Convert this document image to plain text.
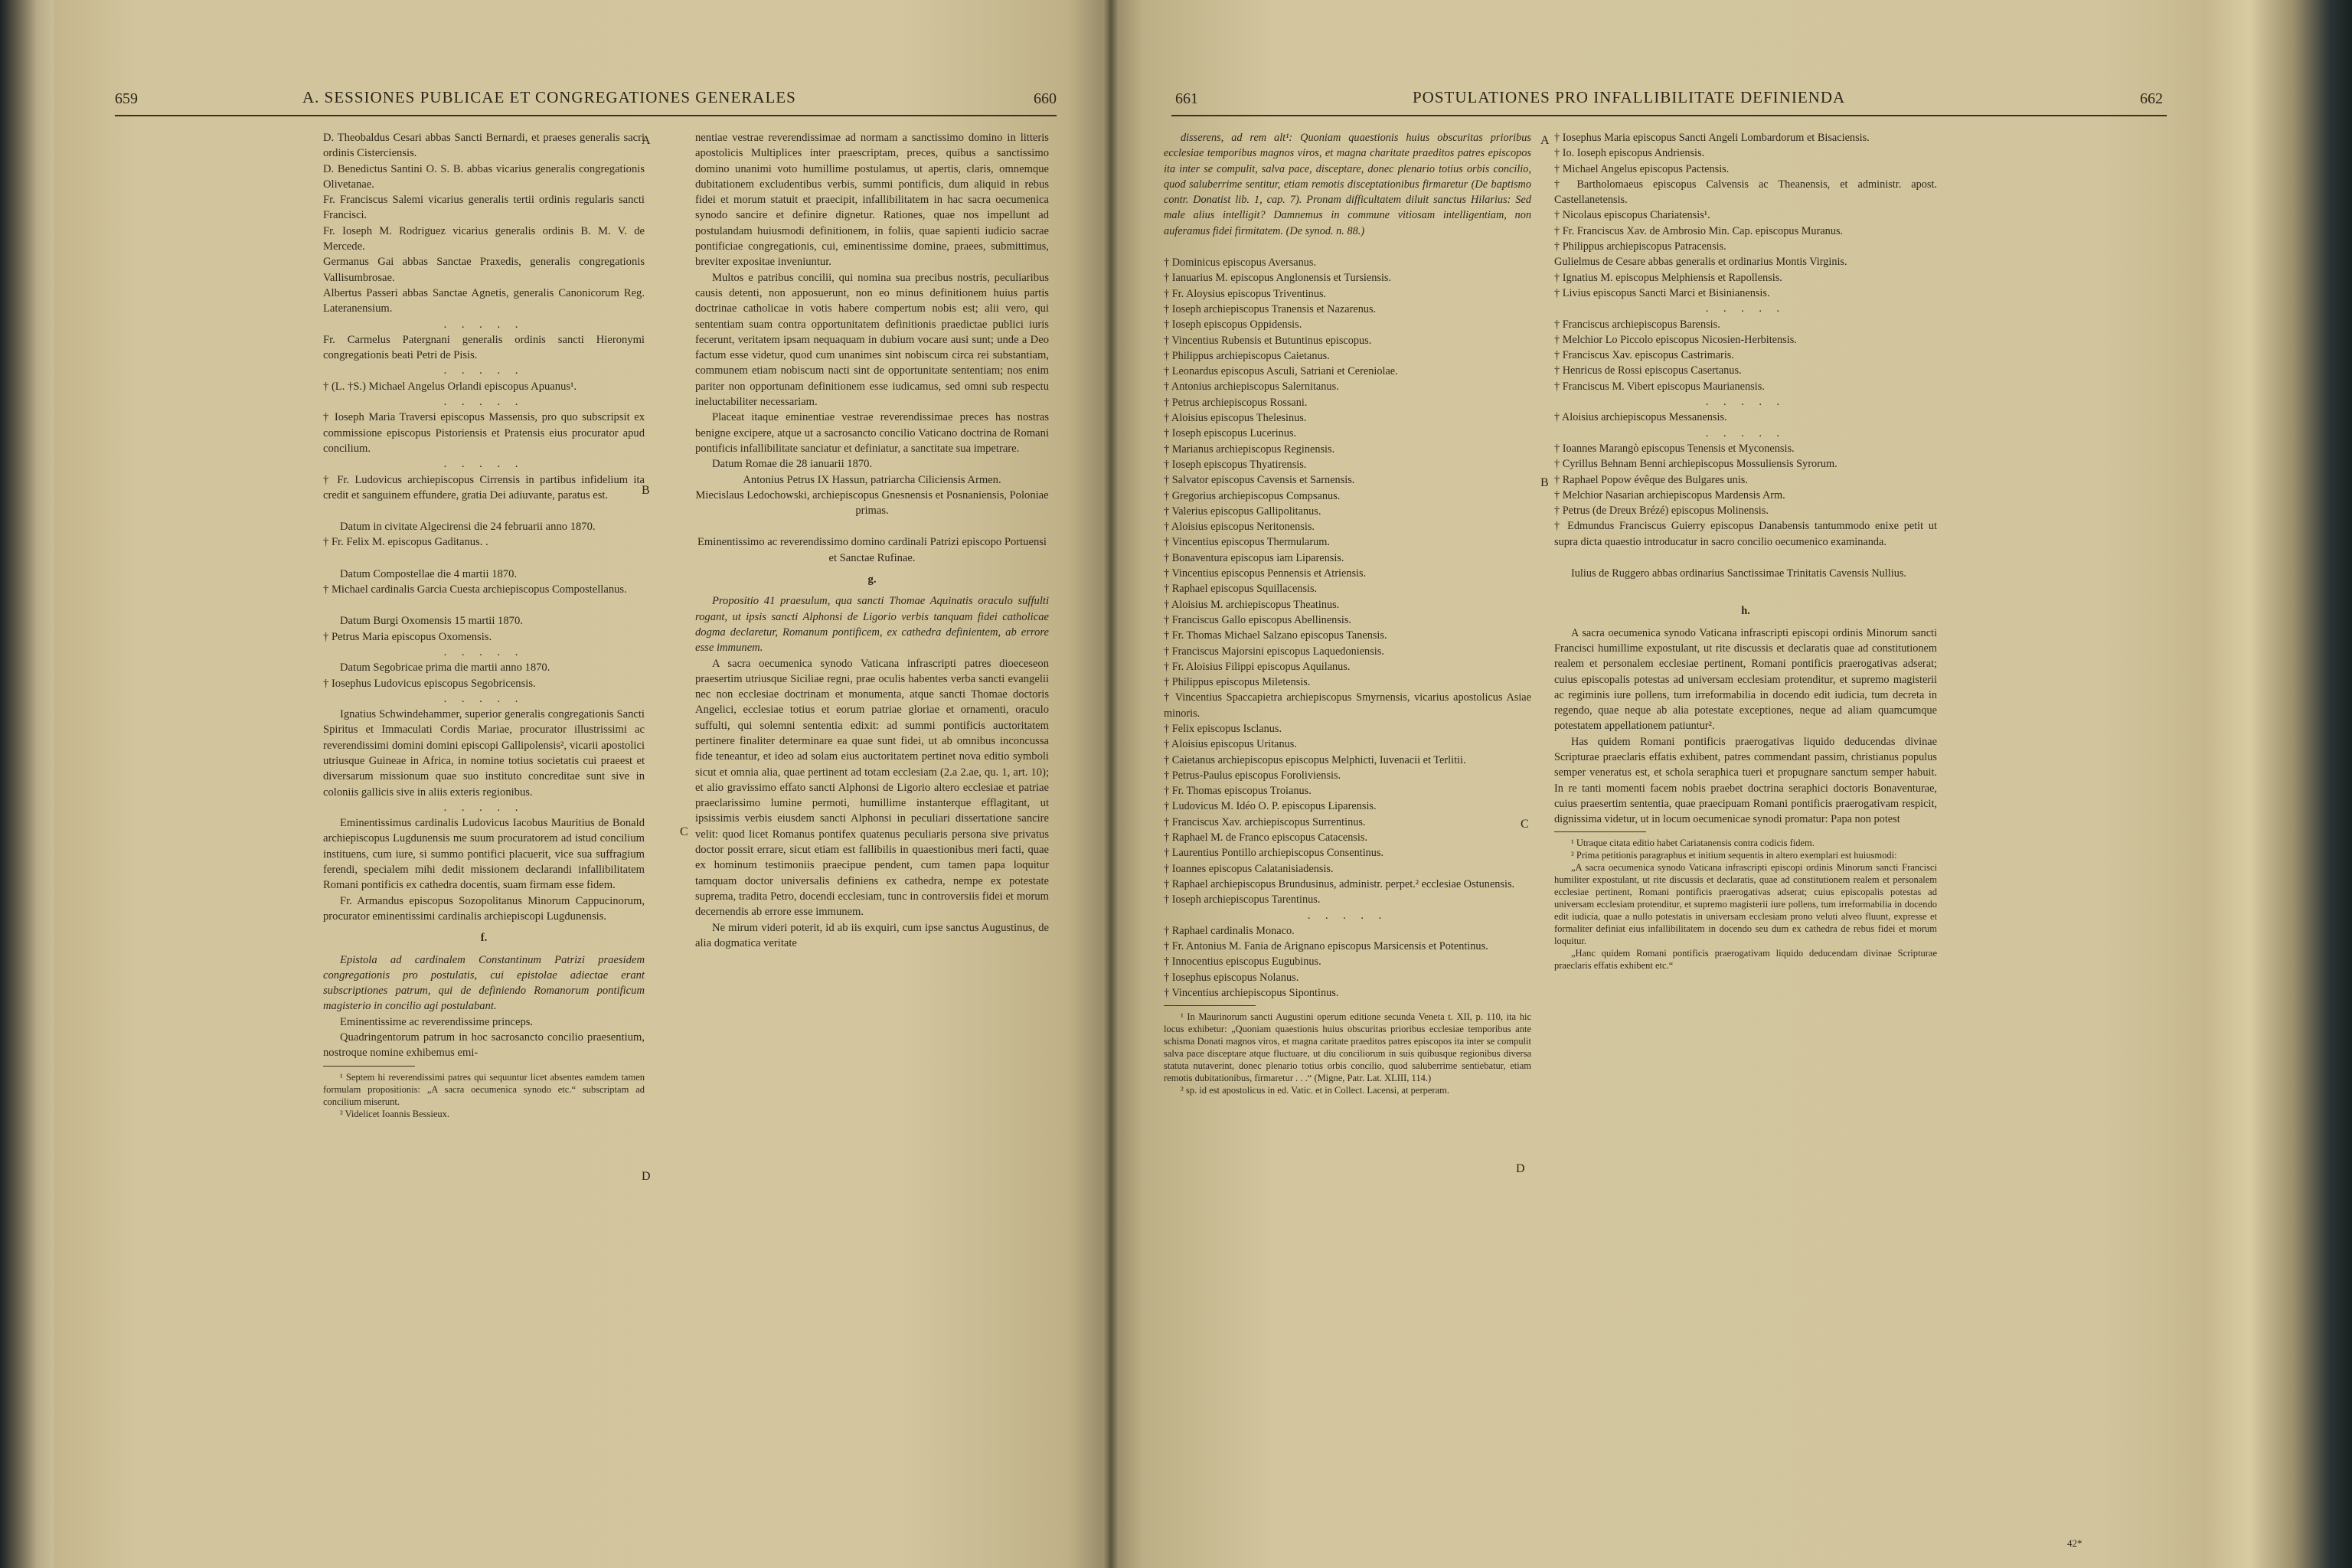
659	A. SESSIONES PUBLICAE ET CONGREGATIONES GENERALES	660	661	POSTULATIONES PRO INFALLIBILITATE DEFINIENDA	662
A
B
C
D
A
B
C
D

D. Theobaldus Cesari abbas Sancti Bernardi, et praeses generalis sacri ordinis Cisterciensis.

D. Benedictus Santini O. S. B. abbas vicarius generalis congregationis Olivetanae.

Fr. Franciscus Salemi vicarius generalis tertii ordinis regularis sancti Francisci.

Fr. Ioseph M. Rodriguez vicarius generalis ordinis B. M. V. de Mercede.

Germanus Gai abbas Sanctae Praxedis, generalis congregationis Vallisumbrosae.

Albertus Passeri abbas Sanctae Agnetis, generalis Canonicorum Reg. Lateranensium.

. . . . .

Fr. Carmelus Patergnani generalis ordinis sancti Hieronymi congregationis beati Petri de Pisis.

. . . . .

† (L. †S.) Michael Angelus Orlandi episcopus Apuanus¹.

. . . . .

† Ioseph Maria Traversi episcopus Massensis, pro quo subscripsit ex commissione episcopus Pistoriensis et Pratensis eius procurator apud concilium.

. . . . .

† Fr. Ludovicus archiepiscopus Cirrensis in partibus infidelium ita credit et sanguinem effundere, gratia Dei adiuvante, paratus est.

Datum in civitate Algecirensi die 24 februarii anno 1870.

† Fr. Felix M. episcopus Gaditanus. .

Datum Compostellae die 4 martii 1870.

† Michael cardinalis Garcia Cuesta archiepiscopus Compostellanus.

Datum Burgi Oxomensis 15 martii 1870.

† Petrus Maria episcopus Oxomensis.

. . . . .

Datum Segobricae prima die martii anno 1870.

† Iosephus Ludovicus episcopus Segobricensis.

. . . . .

Ignatius Schwindehammer, superior generalis congregationis Sancti Spiritus et Immaculati Cordis Mariae, procurator illustrissimi ac reverendissimi domini domini episcopi Gallipolensis², vicarii apostolici utriusque Guineae in Africa, in nomine totius societatis cui praeest et diversarum missionum quae suo instituto concreditae sunt sive in coloniis gallicis sive in aliis exteris regionibus.

. . . . .

Eminentissimus cardinalis Ludovicus Iacobus Mauritius de Bonald archiepiscopus Lugdunensis me suum procuratorem ad istud concilium instituens, cum iure, si summo pontifici placuerit, vice sua suffragium ferendi, specialem mihi dedit missionem declarandi infallibilitatem Romani pontificis ex cathedra docentis, suam firmam esse fidem.

Fr. Armandus episcopus Sozopolitanus Minorum Cappucinorum, procurator eminentissimi cardinalis archiepiscopi Lugdunensis.

f.

Epistola ad cardinalem Constantinum Patrizi praesidem congregationis pro postulatis, cui epistolae adiectae erant subscriptiones patrum, qui de definiendo Romanorum pontificum magisterio in concilio agi postulabant.

Eminentissime ac reverendissime princeps.

Quadringentorum patrum in hoc sacrosancto concilio praesentium, nostroque nomine exhibemus emi-

¹ Septem hi reverendissimi patres qui sequuntur licet absentes eamdem tamen formulam propositionis: „A sacra oecumenica synodo etc.“ subscriptam ad concilium miserunt.

² Videlicet Ioannis Bessieux.

nentiae vestrae reverendissimae ad normam a sanctissimo domino in litteris apostolicis Multiplices inter praescriptam, preces, quibus a sanctissimo domino unanimi voto humillime postulamus, ut apertis, claris, omnemque dubitationem excludentibus verbis, summi pontificis, dum aliquid in rebus fidei et morum statuit et praecipit, infallibilitatem in hac sacra oecumenica synodo sancire et definire dignetur. Rationes, quae nos impellunt ad postulandam huiusmodi definitionem, in foliis, quae sapienti iudicio sacrae pontificiae congregationis, cui, eminentissime domine, praees, submittimus, breviter expositae inveniuntur.

Multos e patribus concilii, qui nomina sua precibus nostris, peculiaribus causis detenti, non apposuerunt, non eo minus definitionem huius partis doctrinae catholicae in votis habere compertum nobis est; alii vero, qui sententiam suam contra opportunitatem definitionis praedictae publici iuris fecerunt, veritatem ipsam nequaquam in dubium vocare ausi sunt; unde a Deo factum esse videtur, quod cum unanimes sint nobiscum circa rei substantiam, communem etiam nobiscum nacti sint de opportunitate sententiam; nos enim pariter non opportunam definitionem esse iudicamus, sed omni sub respectu ineluctabiliter necessariam.

Placeat itaque eminentiae vestrae reverendissimae preces has nostras benigne excipere, atque ut a sacrosancto concilio Vaticano doctrina de Romani pontificis infallibilitate sanciatur et definiatur, a sanctitate sua impetrare.

Datum Romae die 28 ianuarii 1870.

Antonius Petrus IX Hassun, patriarcha Ciliciensis Armen.

Miecislaus Ledochowski, archiepiscopus Gnesnensis et Posnaniensis, Poloniae primas.

Eminentissimo ac reverendissimo domino cardinali Patrizi episcopo Portuensi et Sanctae Rufinae.

g.

Propositio 41 praesulum, qua sancti Thomae Aquinatis oraculo suffulti rogant, ut ipsis sancti Alphonsi de Ligorio verbis tanquam fidei catholicae dogma declaretur, Romanum pontificem, ex cathedra definientem, ab errore esse immunem.

A sacra oecumenica synodo Vaticana infrascripti patres dioeceseon praesertim utriusque Siciliae regni, prae oculis habentes verba sancti evangelii nec non ecclesiae doctrinam et monumenta, atque sancti Thomae doctoris Angelici, ecclesiae totius et eorum patriae gloriae et ornamenti, oraculo suffulti, qui solemni sententia edixit: ad summi pontificis auctoritatem pertinere finaliter determinare ea quae sunt fidei, ut ab omnibus inconcussa fide teneantur, et ideo ad solam eius auctoritatem pertinet nova editio symboli sicut et omnia alia, quae pertinent ad totam ecclesiam (2.a 2.ae, qu. 1, art. 10); et alio gravissimo effato sancti Alphonsi de Ligorio altero ecclesiae et patriae praeclarissimo lumine permoti, humillime instanterque efflagitant, ut ipsissimis verbis eiusdem sancti Alphonsi in peculiari dissertatione sancire velit: quod licet Romanus pontifex quatenus peculiaris persona sive privatus doctor possit errare, sicut etiam est fallibilis in quaestionibus meri facti, quae ex hominum testimoniis praecipue pendent, cum tamen papa loquitur tamquam doctor universalis definiens ex cathedra, nempe ex potestate suprema, tradita Petro, docendi ecclesiam, tunc in controversiis fidei et morum decernendis ab errore esse immunem.

Ne mirum videri poterit, id ab iis exquiri, cum ipse sanctus Augustinus, de alia dogmatica veritate

disserens, ad rem alt¹: Quoniam quaestionis huius obscuritas prioribus ecclesiae temporibus magnos viros, et magna charitate praeditos patres episcopos ita inter se compulit, salva pace, disceptare, donec plenario totius orbis concilio, quod saluberrime sentitur, etiam remotis disceptationibus firmaretur (De baptismo contr. Donatist lib. 1, cap. 7). Pronam difficultatem diluit sanctus Hilarius: Sed male alius intelligit? Damnemus in commune vitiosam intelligentiam, non auferamus fidei firmitatem. (De synod. n. 88.)

† Dominicus episcopus Aversanus.

† Ianuarius M. episcopus Anglonensis et Tursiensis.

† Fr. Aloysius episcopus Triventinus.

† Ioseph archiepiscopus Tranensis et Nazarenus.

† Ioseph episcopus Oppidensis.

† Vincentius Rubensis et Butuntinus episcopus.

† Philippus archiepiscopus Caietanus.

† Leonardus episcopus Asculi, Satriani et Cereniolae.

† Antonius archiepiscopus Salernitanus.

† Petrus archiepiscopus Rossani.

† Aloisius episcopus Thelesinus.

† Ioseph episcopus Lucerinus.

† Marianus archiepiscopus Reginensis.

† Ioseph episcopus Thyatirensis.

† Salvator episcopus Cavensis et Sarnensis.

† Gregorius archiepiscopus Compsanus.

† Valerius episcopus Gallipolitanus.

† Aloisius episcopus Neritonensis.

† Vincentius episcopus Thermularum.

† Bonaventura episcopus iam Liparensis.

† Vincentius episcopus Pennensis et Atriensis.

† Raphael episcopus Squillacensis.

† Aloisius M. archiepiscopus Theatinus.

† Franciscus Gallo episcopus Abellinensis.

† Fr. Thomas Michael Salzano episcopus Tanensis.

† Franciscus Majorsini episcopus Laquedoniensis.

† Fr. Aloisius Filippi episcopus Aquilanus.

† Philippus episcopus Miletensis.

† Vincentius Spaccapietra archiepiscopus Smyrnensis, vicarius apostolicus Asiae minoris.

† Felix episcopus Isclanus.

† Aloisius episcopus Uritanus.

† Caietanus archiepiscopus episcopus Melphicti, Iuvenacii et Terlitii.

† Petrus-Paulus episcopus Foroliviensis.

† Fr. Thomas episcopus Troianus.

† Ludovicus M. Idéo O. P. episcopus Liparensis.

† Franciscus Xav. archiepiscopus Surrentinus.

† Raphael M. de Franco episcopus Catacensis.

† Laurentius Pontillo archiepiscopus Consentinus.

† Ioannes episcopus Calatanisiadensis.

† Raphael archiepiscopus Brundusinus, administr. perpet.² ecclesiae Ostunensis.

† Ioseph archiepiscopus Tarentinus.

. . . . .

† Raphael cardinalis Monaco.

† Fr. Antonius M. Fania de Arignano episcopus Marsicensis et Potentinus.

† Innocentius episcopus Eugubinus.

† Iosephus episcopus Nolanus.

† Vincentius archiepiscopus Sipontinus.

¹ In Maurinorum sancti Augustini operum editione secunda Veneta t. XII, p. 110, ita hic locus exhibetur: „Quoniam quaestionis huius obscuritas prioribus ecclesiae temporibus ante schisma Donati magnos viros, et magna caritate praeditos patres episcopos ita inter se compulit salva pace disceptare atque fluctuare, ut diu conciliorum in suis quibusque regionibus diversa statuta nutaverint, donec plenario totius orbis concilio, quod saluberrime sentiebatur, etiam remotis dubitationibus, firmaretur . . .“ (Migne, Patr. Lat. XLIII, 114.)

² sp. id est apostolicus in ed. Vatic. et in Collect. Lacensi, at perperam.

† Iosephus Maria episcopus Sancti Angeli Lombardorum et Bisaciensis.

† Io. Ioseph episcopus Andriensis.

† Michael Angelus episcopus Pactensis.

† Bartholomaeus episcopus Calvensis ac Theanensis, et administr. apost. Castellanetensis.

† Nicolaus episcopus Chariatensis¹.

† Fr. Franciscus Xav. de Ambrosio Min. Cap. episcopus Muranus.

† Philippus archiepiscopus Patracensis.

Gulielmus de Cesare abbas generalis et ordinarius Montis Virginis.

† Ignatius M. episcopus Melphiensis et Rapollensis.

† Livius episcopus Sancti Marci et Bisinianensis.

. . . . .

† Franciscus archiepiscopus Barensis.

† Melchior Lo Piccolo episcopus Nicosien-Herbitensis.

† Franciscus Xav. episcopus Castrimaris.

† Henricus de Rossi episcopus Casertanus.

† Franciscus M. Vibert episcopus Maurianensis.

. . . . .

† Aloisius archiepiscopus Messanensis.

. . . . .

† Ioannes Marangò episcopus Tenensis et Myconensis.

† Cyrillus Behnam Benni archiepiscopus Mossuliensis Syrorum.

† Raphael Popow évêque des Bulgares unis.

† Melchior Nasarian archiepiscopus Mardensis Arm.

† Petrus (de Dreux Brézé) episcopus Molinensis.

† Edmundus Franciscus Guierry episcopus Danabensis tantummodo enixe petit ut supra dicta quaestio introducatur in sacro concilio oecumenico examinanda.

Iulius de Ruggero abbas ordinarius Sanctissimae Trinitatis Cavensis Nullius.

h.

A sacra oecumenica synodo Vaticana infrascripti episcopi ordinis Minorum sancti Francisci humillime expostulant, ut rite discussis et declaratis quae ad constitutionem realem et personalem ecclesiae pertinent, Romani pontificis praerogativas adserat; cuius episcopalis potestas ad universam ecclesiam protenditur, et supremo magisterii ac regiminis iure pollens, tum irreformabilia in docendo edit iudicia, tum decreta in regendo, quae neque ab alia potestate exceptiones, neque ad aliam quamcumque potestatem appellationem patiuntur².

Has quidem Romani pontificis praerogativas liquido deducendas divinae Scripturae praeclaris effatis exhibent, patres commendant passim, christianus populus semper veneratus est, et schola seraphica tueri et propugnare sanctum semper habuit. In re tanti momenti facem nobis praebet doctrina seraphici doctoris Bonaventurae, cuius praesertim sententia, quae praecipuam Romani pontificis praerogativam respicit, dignissima videtur, ut in locum oecumenicae synodi promatur: Papa non potest

¹ Utraque citata editio habet Cariatanensis contra codicis fidem.

² Prima petitionis paragraphus et initium sequentis in altero exemplari est huiusmodi:

„A sacra oecumenica synodo Vaticana infrascripti episcopi ordinis Minorum sancti Francisci humiliter expostulant, ut rite discussis et declaratis, quae ad constitutionem realem et personalem ecclesiae pertinent, Romani pontificis praerogativas adserat; cuius episcopalis potestas ad universam ecclesiam protenditur, et supremo magisterii iure pollens, tum irreformabilia in docendo edit iudicia, quae a nullo potestatis in universam ecclesiam prono veluti alveo fluunt, expresse et formaliter definiat eius infallibilitatem in docendo seu dum ex cathedra de rebus fidei et morum loquitur.

„Hanc quidem Romani pontificis praerogativam liquido deducendam divinae Scripturae praeclaris effatis exhibent etc.“

42*
